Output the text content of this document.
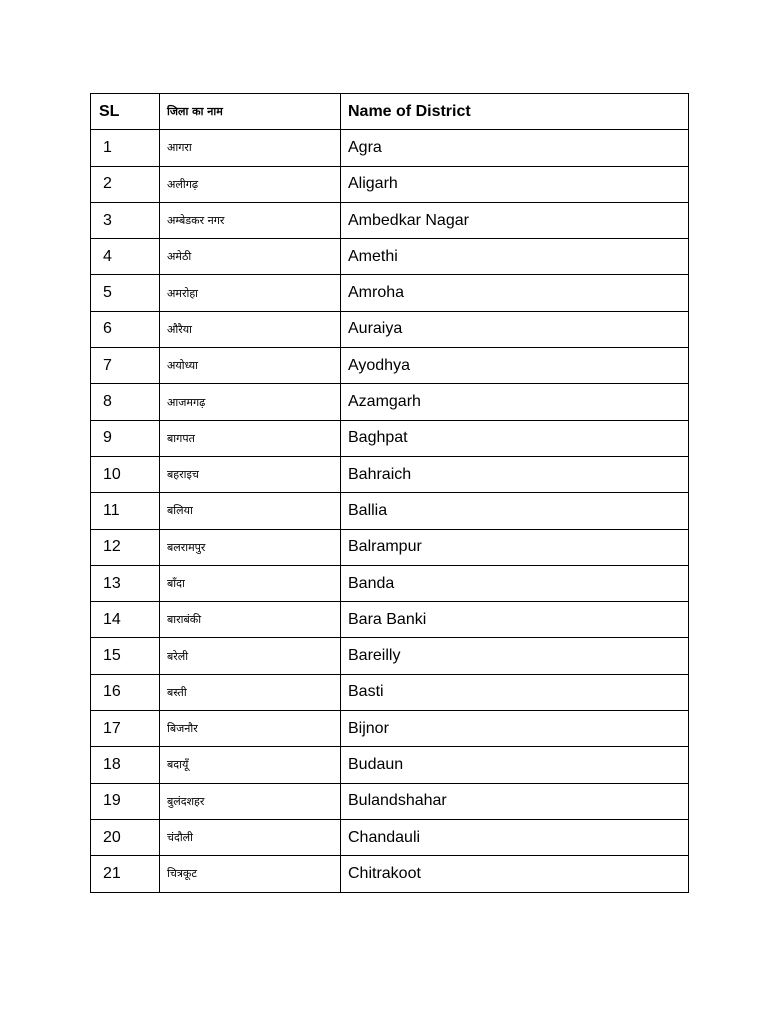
SL	जिला का नाम	Name of District
1	आगरा	Agra
2	अलीगढ़	Aligarh
3	अम्बेडकर नगर	Ambedkar Nagar
4	अमेठी	Amethi
5	अमरोहा	Amroha
6	औरैया	Auraiya
7	अयोध्या	Ayodhya
8	आजमगढ़	Azamgarh
9	बागपत	Baghpat
10	बहराइच	Bahraich
11	बलिया	Ballia
12	बलरामपुर	Balrampur
13	बाँदा	Banda
14	बाराबंकी	Bara Banki
15	बरेली	Bareilly
16	बस्ती	Basti
17	बिजनौर	Bijnor
18	बदायूँ	Budaun
19	बुलंदशहर	Bulandshahar
20	चंदौली	Chandauli
21	चित्रकूट	Chitrakoot
